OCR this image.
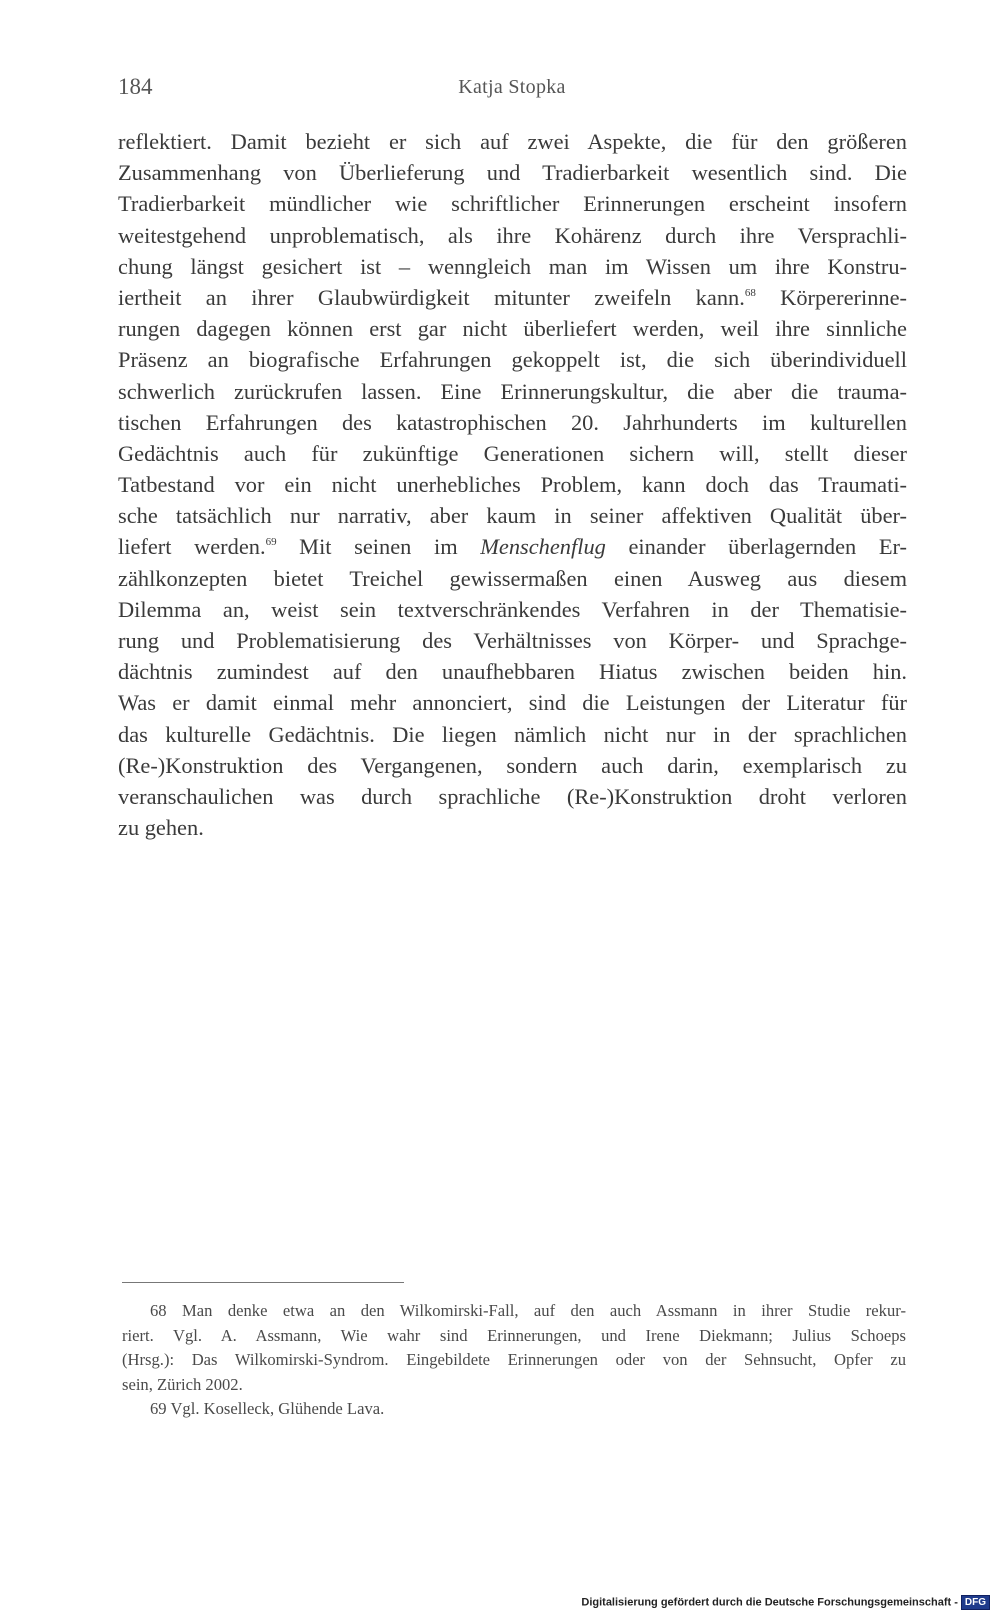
184	Katja Stopka
reflektiert. Damit bezieht er sich auf zwei Aspekte, die für den größeren
Zusammenhang von Überlieferung und Tradierbarkeit wesentlich sind. Die
Tradierbarkeit mündlicher wie schriftlicher Erinnerungen erscheint insofern
weitestgehend unproblematisch, als ihre Kohärenz durch ihre Versprachli-
chung längst gesichert ist – wenngleich man im Wissen um ihre Konstru-
iertheit an ihrer Glaubwürdigkeit mitunter zweifeln kann.$^{68}$ Körpererinne-
rungen dagegen können erst gar nicht überliefert werden, weil ihre sinnliche
Präsenz an biografische Erfahrungen gekoppelt ist, die sich überindividuell
schwerlich zurückrufen lassen. Eine Erinnerungskultur, die aber die trauma-
tischen Erfahrungen des katastrophischen 20. Jahrhunderts im kulturellen
Gedächtnis auch für zukünftige Generationen sichern will, stellt dieser
Tatbestand vor ein nicht unerhebliches Problem, kann doch das Traumati-
sche tatsächlich nur narrativ, aber kaum in seiner affektiven Qualität über-
liefert werden.$^{69}$ Mit seinen im Menschenflug einander überlagernden Er-
zählkonzepten bietet Treichel gewissermaßen einen Ausweg aus diesem
Dilemma an, weist sein textverschränkendes Verfahren in der Thematisie-
rung und Problematisierung des Verhältnisses von Körper- und Sprachge-
dächtnis zumindest auf den unaufhebbaren Hiatus zwischen beiden hin.
Was er damit einmal mehr annonciert, sind die Leistungen der Literatur für
das kulturelle Gedächtnis. Die liegen nämlich nicht nur in der sprachlichen
(Re-)Konstruktion des Vergangenen, sondern auch darin, exemplarisch zu
veranschaulichen was durch sprachliche (Re-)Konstruktion droht verloren
zu gehen.
68 Man denke etwa an den Wilkomirski-Fall, auf den auch Assmann in ihrer Studie rekur-
riert. Vgl. A. Assmann, Wie wahr sind Erinnerungen, und Irene Diekmann; Julius Schoeps
(Hrsg.): Das Wilkomirski-Syndrom. Eingebildete Erinnerungen oder von der Sehnsucht, Opfer zu
sein, Zürich 2002.
69 Vgl. Koselleck, Glühende Lava.
Digitalisierung gefördert durch die Deutsche Forschungsgemeinschaft - DFG
